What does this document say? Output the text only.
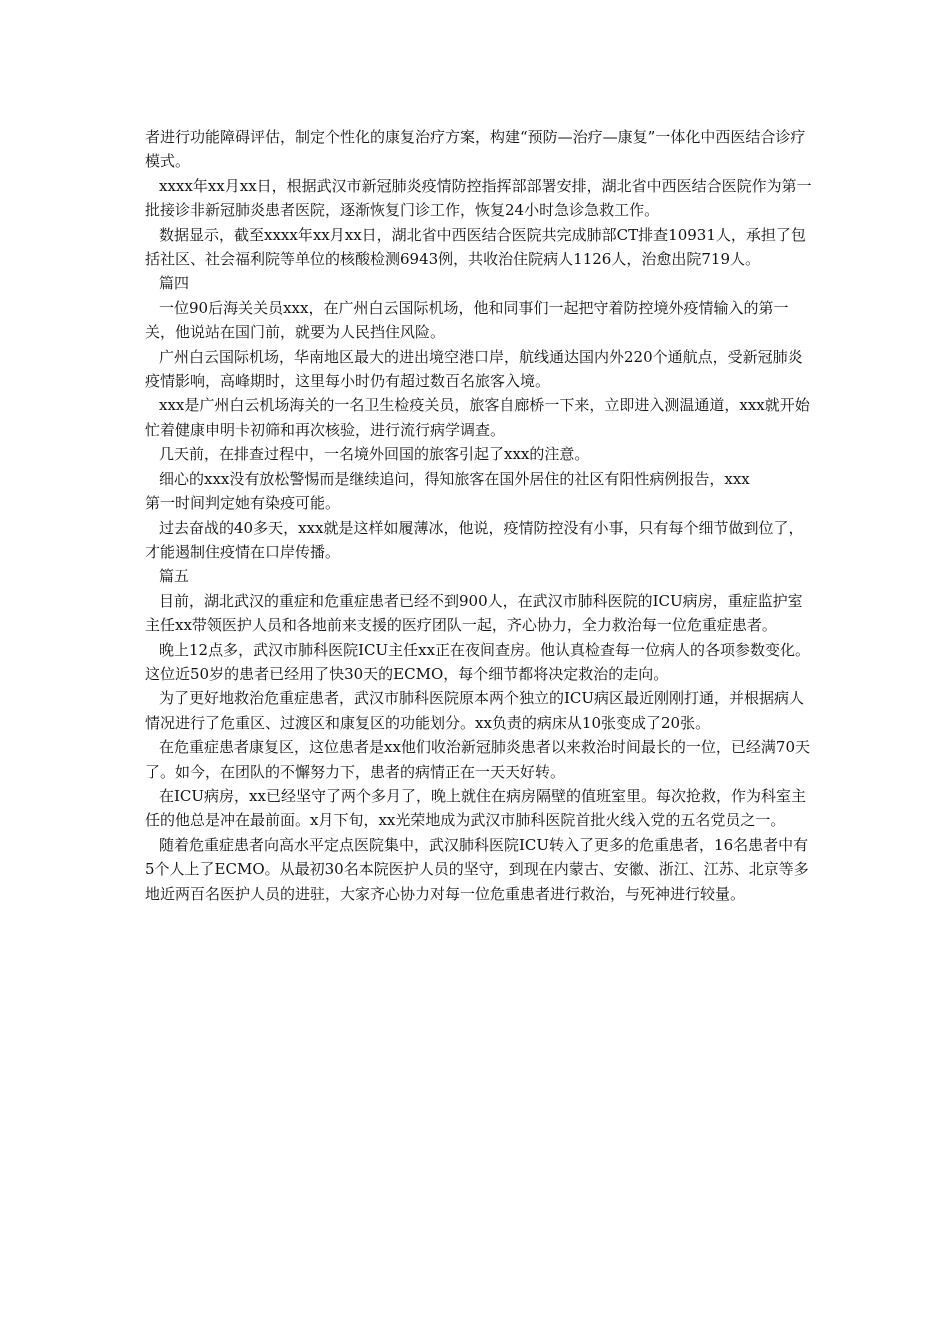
者进行功能障碍评估，制定个性化的康复治疗方案，构建“预防—治疗—康复”一体化中西医结合诊疗模式。

xxxx年xx月xx日，根据武汉市新冠肺炎疫情防控指挥部部署安排，湖北省中西医结合医院作为第一批接诊非新冠肺炎患者医院，逐渐恢复门诊工作，恢复24小时急诊急救工作。

数据显示，截至xxxx年xx月xx日，湖北省中西医结合医院共完成肺部CT排查10931人，承担了包括社区、社会福利院等单位的核酸检测6943例，共收治住院病人1126人，治愈出院719人。

篇四

一位90后海关关员xxx，在广州白云国际机场，他和同事们一起把守着防控境外疫情输入的第一关，他说站在国门前，就要为人民挡住风险。

广州白云国际机场，华南地区最大的进出境空港口岸，航线通达国内外220个通航点，受新冠肺炎疫情影响，高峰期时，这里每小时仍有超过数百名旅客入境。

xxx是广州白云机场海关的一名卫生检疫关员，旅客自廊桥一下来，立即进入测温通道，xxx就开始忙着健康申明卡初筛和再次核验，进行流行病学调查。

几天前，在排查过程中，一名境外回国的旅客引起了xxx的注意。

细心的xxx没有放松警惕而是继续追问，得知旅客在国外居住的社区有阳性病例报告，xxx

第一时间判定她有染疫可能。

过去奋战的40多天，xxx就是这样如履薄冰，他说，疫情防控没有小事，只有每个细节做到位了，才能遏制住疫情在口岸传播。

篇五

目前，湖北武汉的重症和危重症患者已经不到900人，在武汉市肺科医院的ICU病房，重症监护室主任xx带领医护人员和各地前来支援的医疗团队一起，齐心协力，全力救治每一位危重症患者。

晚上12点多，武汉市肺科医院ICU主任xx正在夜间查房。他认真检查每一位病人的各项参数变化。这位近50岁的患者已经用了快30天的ECMO，每个细节都将决定救治的走向。

为了更好地救治危重症患者，武汉市肺科医院原本两个独立的ICU病区最近刚刚打通，并根据病人情况进行了危重区、过渡区和康复区的功能划分。xx负责的病床从10张变成了20张。

在危重症患者康复区，这位患者是xx他们收治新冠肺炎患者以来救治时间最长的一位，已经满70天了。如今，在团队的不懈努力下，患者的病情正在一天天好转。

在ICU病房，xx已经坚守了两个多月了，晚上就住在病房隔壁的值班室里。每次抢救，作为科室主任的他总是冲在最前面。x月下旬，xx光荣地成为武汉市肺科医院首批火线入党的五名党员之一。

随着危重症患者向高水平定点医院集中，武汉肺科医院ICU转入了更多的危重患者，16名患者中有5个人上了ECMO。从最初30名本院医护人员的坚守，到现在内蒙古、安徽、浙江、江苏、北京等多地近两百名医护人员的进驻，大家齐心协力对每一位危重患者进行救治，与死神进行较量。
